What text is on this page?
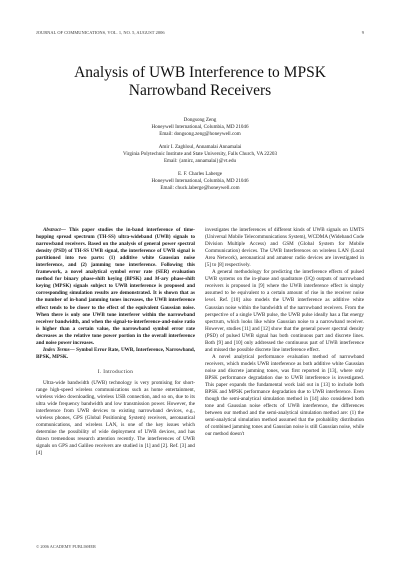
JOURNAL OF COMMUNICATIONS, VOL. 1, NO. 5, AUGUST 2006	9
Analysis of UWB Interference to MPSK
Narrowband Receivers
Dongsong Zeng
Honeywell International, Columbia, MD 21046
Email: dongsong.zeng@honeywell.com
Amir I. Zaghloul, Annamalai Annamalai
Virginia Polytechnic Institute and State University, Falls Church, VA 22203
Email: {amirz, annamalai}@vt.edu
E. F. Charles Laberge
Honeywell International, Columbia, MD 21046
Email: chuck.laberge@honeywell.com

Abstract— This paper studies the in-band interference of time-hopping spread spectrum (TH-SS) ultra-wideband (UWB) signals to narrowband receivers. Based on the analysis of general power spectral density (PSD) of TH-SS UWB signal, the interference of UWB signal is partitioned into two parts: (1) additive white Gaussian noise interference, and (2) jamming tone interference. Following this framework, a novel analytical symbol error rate (SER) evaluation method for binary phase-shift keying (BPSK) and M-ary phase-shift keying (MPSK) signals subject to UWB interference is proposed and corresponding simulation results are demonstrated. It is shown that as the number of in-band jamming tones increases, the UWB interference effect tends to be closer to the effect of the equivalent Gaussian noise. When there is only one UWB tone interferer within the narrowband receiver bandwidth, and when the signal-to-interference-and-noise ratio is higher than a certain value, the narrowband symbol error rate decreases as the relative tone power portion in the overall interference and noise power increases.

Index Terms— Symbol Error Rate, UWB, Interference, Narrowband, BPSK, MPSK.

I. Introduction

Ultra-wide bandwidth (UWB) technology is very promising for short-range high-speed wireless communications such as home entertainment, wireless video downloading, wireless USB connection, and so on, due to its ultra wide frequency bandwidth and low transmission power. However, the interference from UWB devices to existing narrowband devices, e.g., wireless phones, GPS (Global Positioning System) receivers, aeronautical communications, and wireless LAN, is one of the key issues which determine the possibility of wide deployment of UWB devices, and has drawn tremendous research attention recently. The interferences of UWB signals on GPS and Galileo receivers are studied in [1] and [2]. Ref. [3] and [4]

investigates the interferences of different kinds of UWB signals on UMTS (Universal Mobile Telecommunications System), WCDMA (Wideband Code Division Multiple Access) and GSM (Global System for Mobile Communication) devices. The UWB Interferences on wireless LAN (Local Area Network), aeronautical and amateur radio devices are investigated in [5] to [8] respectively.

A general methodology for predicting the interference effects of pulsed UWB systems on the in-phase and quadrature (I/Q) outputs of narrowband receivers is proposed in [9] where the UWB interference effect is simply assumed to be equivalent to a certain amount of rise in the receiver noise level. Ref. [10] also models the UWB interference as additive white Gaussian noise within the bandwidth of the narrowband receivers. From the perspective of a single UWB pulse, the UWB pulse ideally has a flat energy spectrum, which looks like white Gaussian noise to a narrowband receiver. However, studies [11] and [12] show that the general power spectral density (PSD) of pulsed UWB signal has both continuous part and discrete lines. Both [9] and [10] only addressed the continuous part of UWB interference and missed the possible discrete line interference effect.

A novel analytical performance evaluation method of narrowband receivers, which models UWB interference as both additive white Gaussian noise and discrete jamming tones, was first reported in [13], where only BPSK performance degradation due to UWB interference is investigated. This paper expands the fundamental work laid out in [13] to include both BPSK and MPSK performance degradation due to UWB interference. Even though the semi-analytical simulation method in [14] also considered both tone and Gaussian noise effects of UWB interference, the differences between our method and the semi-analytical simulation method are: (1) the semi-analytical simulation method assumed that the probability distribution of combined jamming tones and Gaussian noise is still Gaussian noise, while our method doesn't

© 2006 ACADEMY PUBLISHER
